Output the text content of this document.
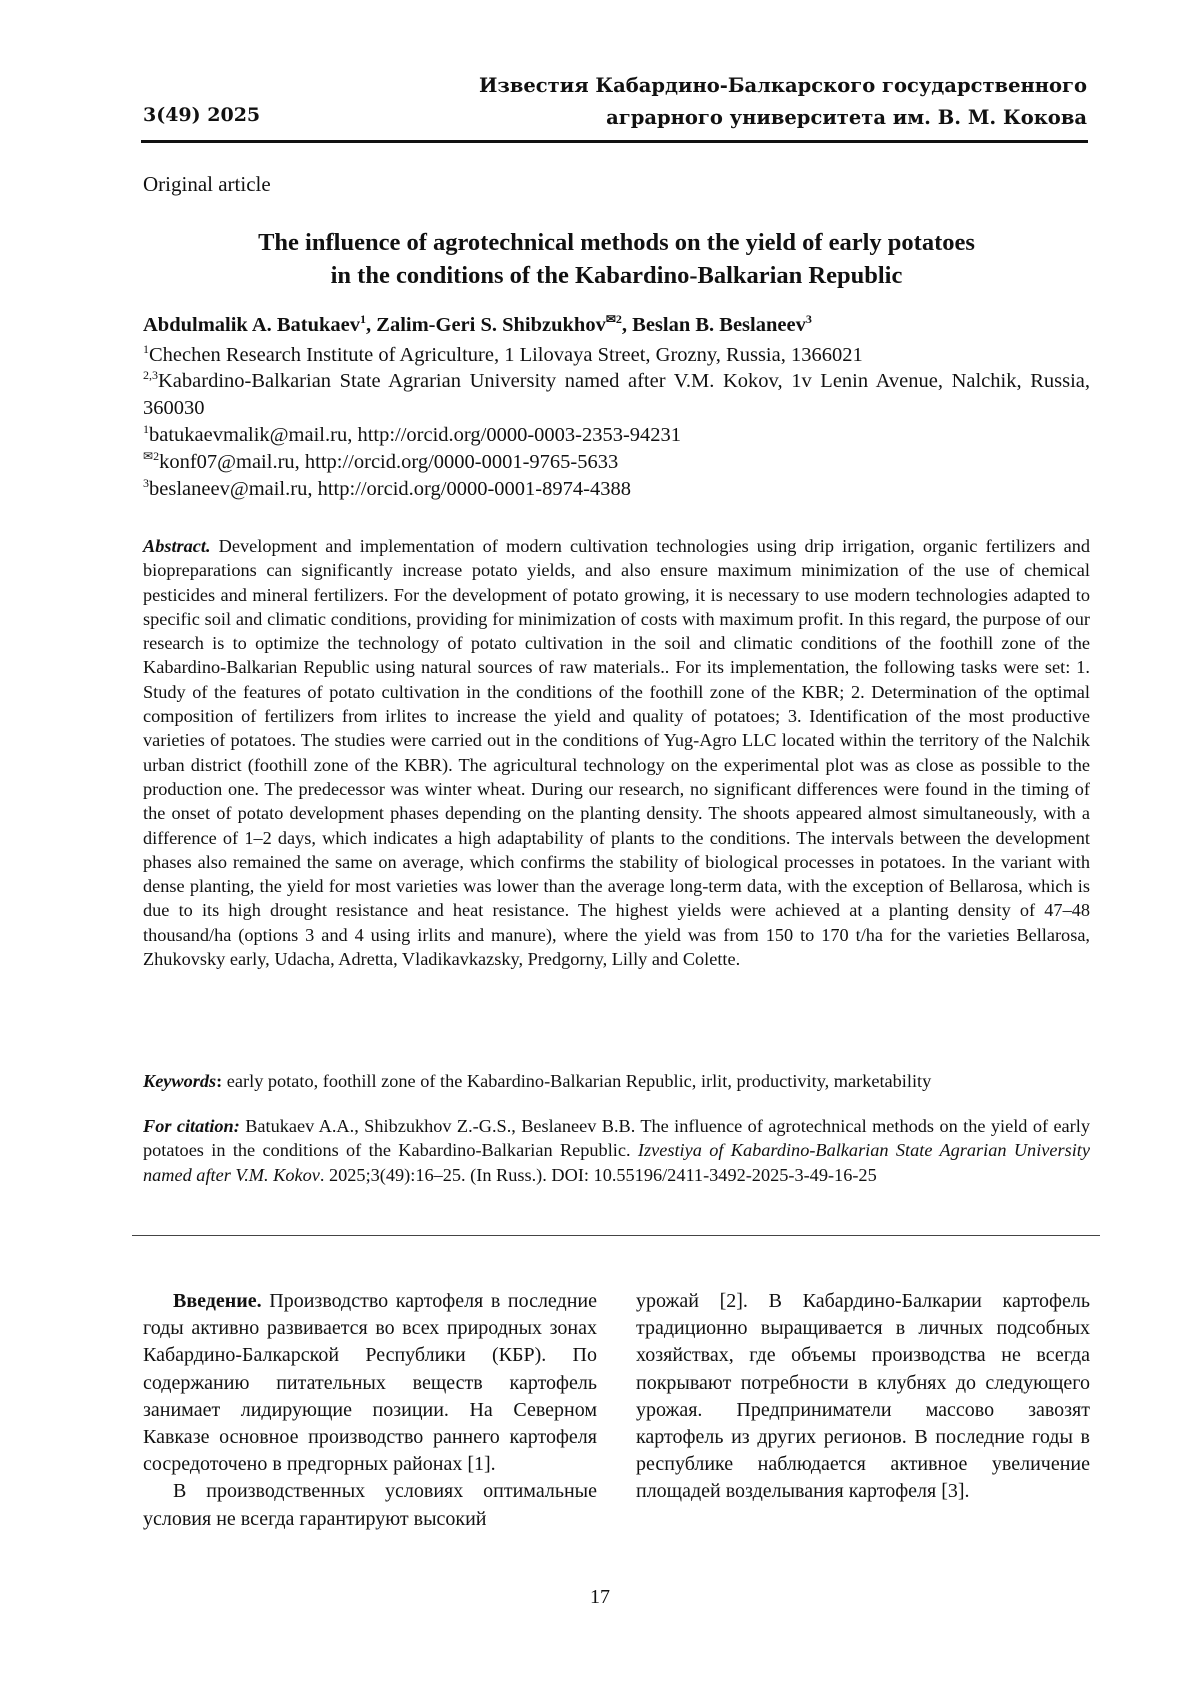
Известия Кабардино-Балкарского государственного
аграрного университета им. В. М. Кокова
3(49) 2025
Original article
The influence of agrotechnical methods on the yield of early potatoes
in the conditions of the Kabardino-Balkarian Republic
Abdulmalik A. Batukaev$^1$, Zalim-Geri S. Shibzukhov$^{✉2}$, Beslan B. Beslaneev$^3$
$^1$Chechen Research Institute of Agriculture, 1 Lilovaya Street, Grozny, Russia, 1366021
$^{2,3}$Kabardino-Balkarian State Agrarian University named after V.M. Kokov, 1v Lenin Avenue, Nalchik, Russia, 360030
$^1$batukaevmalik@mail.ru, http://orcid.org/0000-0003-2353-94231
$^{✉2}$konf07@mail.ru, http://orcid.org/0000-0001-9765-5633
$^3$beslaneev@mail.ru, http://orcid.org/0000-0001-8974-4388
Abstract. Development and implementation of modern cultivation technologies using drip irrigation, organic fertilizers and biopreparations can significantly increase potato yields, and also ensure maximum minimization of the use of chemical pesticides and mineral fertilizers. For the development of potato growing, it is necessary to use modern technologies adapted to specific soil and climatic conditions, providing for minimization of costs with maximum profit. In this regard, the purpose of our research is to optimize the technology of potato cultivation in the soil and climatic conditions of the foothill zone of the Kabardino-Balkarian Republic using natural sources of raw materials.. For its implementation, the following tasks were set: 1. Study of the features of potato cultivation in the conditions of the foothill zone of the KBR; 2. Determination of the optimal composition of fertilizers from irlites to increase the yield and quality of potatoes; 3. Identification of the most productive varieties of potatoes. The studies were carried out in the conditions of Yug-Agro LLC located within the territory of the Nalchik urban district (foothill zone of the KBR). The agricultural technology on the experimental plot was as close as possible to the production one. The predecessor was winter wheat. During our research, no significant differences were found in the timing of the onset of potato development phases depending on the planting density. The shoots appeared almost simultaneously, with a difference of 1–2 days, which indicates a high adaptability of plants to the conditions. The intervals between the development phases also remained the same on average, which confirms the stability of biological processes in potatoes. In the variant with dense planting, the yield for most varieties was lower than the average long-term data, with the exception of Bellarosa, which is due to its high drought resistance and heat resistance. The highest yields were achieved at a planting density of 47–48 thousand/ha (options 3 and 4 using irlits and manure), where the yield was from 150 to 170 t/ha for the varieties Bellarosa, Zhukovsky early, Udacha, Adretta, Vladikavkazsky, Predgorny, Lilly and Colette.
Keywords: early potato, foothill zone of the Kabardino-Balkarian Republic, irlit, productivity, marketability
For citation: Batukaev A.A., Shibzukhov Z.-G.S., Beslaneev B.B. The influence of agrotechnical methods on the yield of early potatoes in the conditions of the Kabardino-Balkarian Republic. Izvestiya of Kabardino-Balkarian State Agrarian University named after V.M. Kokov. 2025;3(49):16–25. (In Russ.). DOI: 10.55196/2411-3492-2025-3-49-16-25

Введение. Производство картофеля в последние годы активно развивается во всех природных зонах Кабардино-Балкарской Республики (КБР). По содержанию питательных веществ картофель занимает лидирующие позиции. На Северном Кавказе основное производство раннего картофеля сосредоточено в предгорных районах [1].

В производственных условиях оптимальные условия не всегда гарантируют высокий

урожай [2]. В Кабардино-Балкарии картофель традиционно выращивается в личных подсобных хозяйствах, где объемы производства не всегда покрывают потребности в клубнях до следующего урожая. Предприниматели массово завозят картофель из других регионов. В последние годы в республике наблюдается активное увеличение площадей возделывания картофеля [3].

17
